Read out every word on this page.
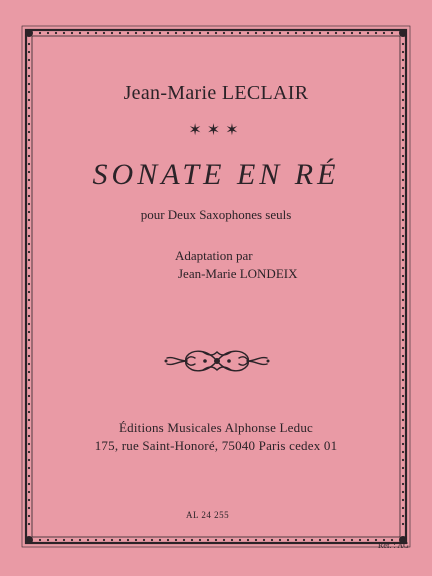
Jean-Marie LECLAIR
✶✶✶
SONATE EN RÉ
pour Deux Saxophones seuls
Adaptation par
Jean-Marie LONDEIX
Éditions Musicales Alphonse Leduc
175, rue Saint-Honoré, 75040 Paris cedex 01
AL 24 255
Réf. : AG
